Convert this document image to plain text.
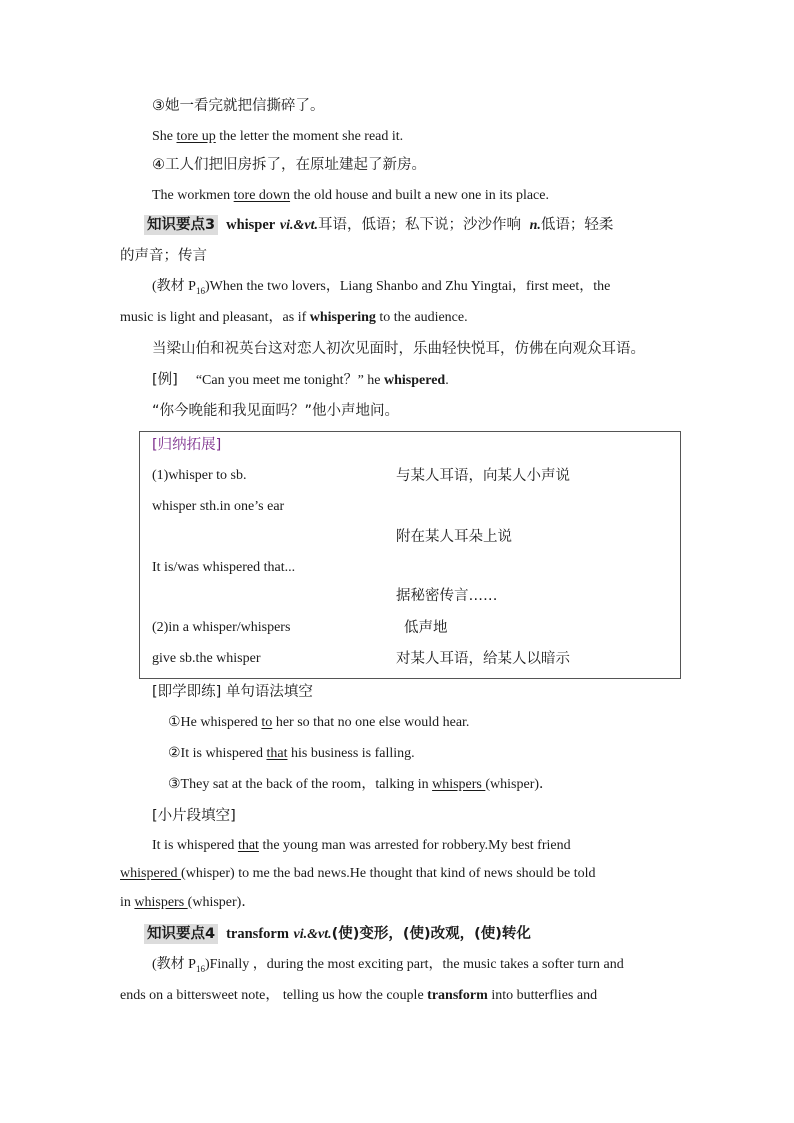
③她一看完就把信撕碎了。
She tore up the letter the moment she read it.
④工人们把旧房拆了，在原址建起了新房。
The workmen tore down the old house and built a new one in its place.
知识要点3 whisper vi.&vt.耳语，低语；私下说；沙沙作响 n.低语；轻柔
的声音；传言
(教材 $P_{16})When$ the two lovers，Liang Shanbo and Zhu Yingtai，first meet，the
music is light and pleasant，as if whispering to the audience.
当梁山伯和祝英台这对恋人初次见面时，乐曲轻快悦耳，仿佛在向观众耳语。
[例] “Can you meet me tonight？” he whispered.
“你今晚能和我见面吗？”他小声地问。
[归纳拓展]
(1)whisper to sb.	与某人耳语，向某人小声说
whisper sth.in one’s ear
附在某人耳朵上说
It is/was whispered that...
据秘密传言……
(2)in a whisper/whispers	低声地
give sb.the whisper	对某人耳语，给某人以暗示
[即学即练] 单句语法填空
①He whispered to her so that no one else would hear.
②It is whispered that his business is falling.
③They sat at the back of the room，talking in whispers (whisper)．
[小片段填空]
It is whispered that the young man was arrested for robbery.My best friend
whispered (whisper) to me the bad news.He thought that kind of news should be told
in whispers (whisper)．
知识要点4 transform vi.&vt.(使)变形，(使)改观，(使)转化
(教材 $P_{16})Finally$ ，during the most exciting part，the music takes a softer turn and
ends on a bittersweet note， telling us how the couple transform into butterflies and
